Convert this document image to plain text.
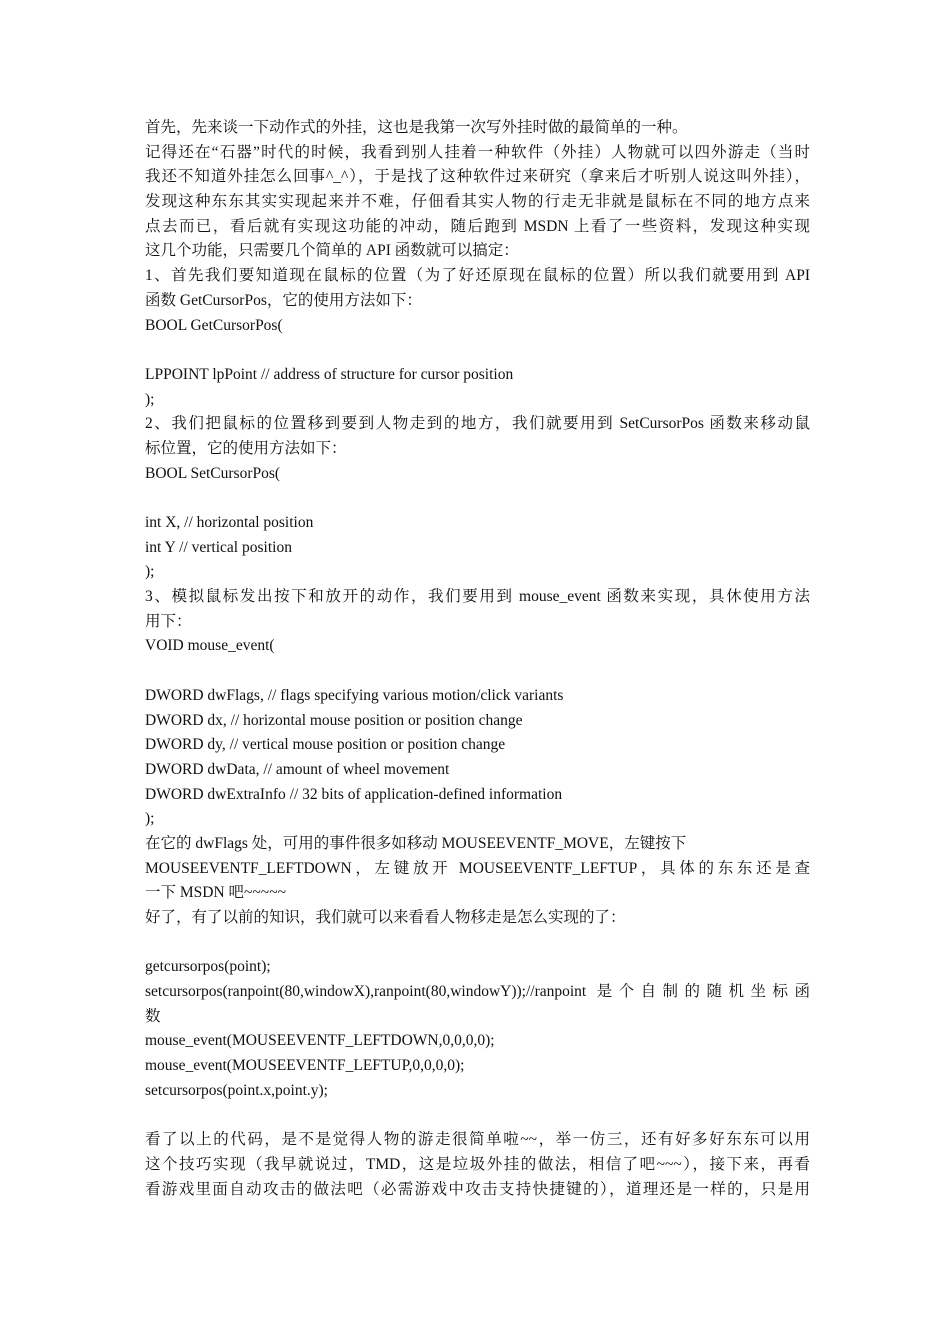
首先，先来谈一下动作式的外挂，这也是我第一次写外挂时做的最简单的一种。
记得还在“石器”时代的时候，我看到别人挂着一种软件（外挂）人物就可以四外游走（当时
我还不知道外挂怎么回事^_^），于是找了这种软件过来研究（拿来后才听别人说这叫外挂），
发现这种东东其实实现起来并不难，仔佃看其实人物的行走无非就是鼠标在不同的地方点来
点去而已，看后就有实现这功能的冲动，随后跑到 MSDN 上看了一些资料，发现这种实现
这几个功能，只需要几个简单的 API 函数就可以搞定：
1、首先我们要知道现在鼠标的位置（为了好还原现在鼠标的位置）所以我们就要用到 API
函数 GetCursorPos，它的使用方法如下：
BOOL GetCursorPos(
LPPOINT lpPoint // address of structure for cursor position
);
2、我们把鼠标的位置移到要到人物走到的地方，我们就要用到 SetCursorPos 函数来移动鼠
标位置，它的使用方法如下：
BOOL SetCursorPos(
int X, // horizontal position
int Y // vertical position
);
3、模拟鼠标发出按下和放开的动作，我们要用到 mouse_event 函数来实现，具休使用方法
用下：
VOID mouse_event(
DWORD dwFlags, // flags specifying various motion/click variants
DWORD dx, // horizontal mouse position or position change
DWORD dy, // vertical mouse position or position change
DWORD dwData, // amount of wheel movement
DWORD dwExtraInfo // 32 bits of application-defined information
);
在它的 dwFlags 处，可用的事件很多如移动 MOUSEEVENTF_MOVE，左键按下
MOUSEEVENTF_LEFTDOWN，左键放开 MOUSEEVENTF_LEFTUP，具体的东东还是查
一下 MSDN 吧~~~~~
好了，有了以前的知识，我们就可以来看看人物移走是怎么实现的了：
getcursorpos(point);
setcursorpos(ranpoint(80,windowX),ranpoint(80,windowY));//ranpoint 是个自制的随机坐标函
数
mouse_event(MOUSEEVENTF_LEFTDOWN,0,0,0,0);
mouse_event(MOUSEEVENTF_LEFTUP,0,0,0,0);
setcursorpos(point.x,point.y);
看了以上的代码，是不是觉得人物的游走很简单啦~~，举一仿三，还有好多好东东可以用
这个技巧实现（我早就说过，TMD，这是垃圾外挂的做法，相信了吧~~~），接下来，再看
看游戏里面自动攻击的做法吧（必需游戏中攻击支持快捷键的），道理还是一样的，只是用
